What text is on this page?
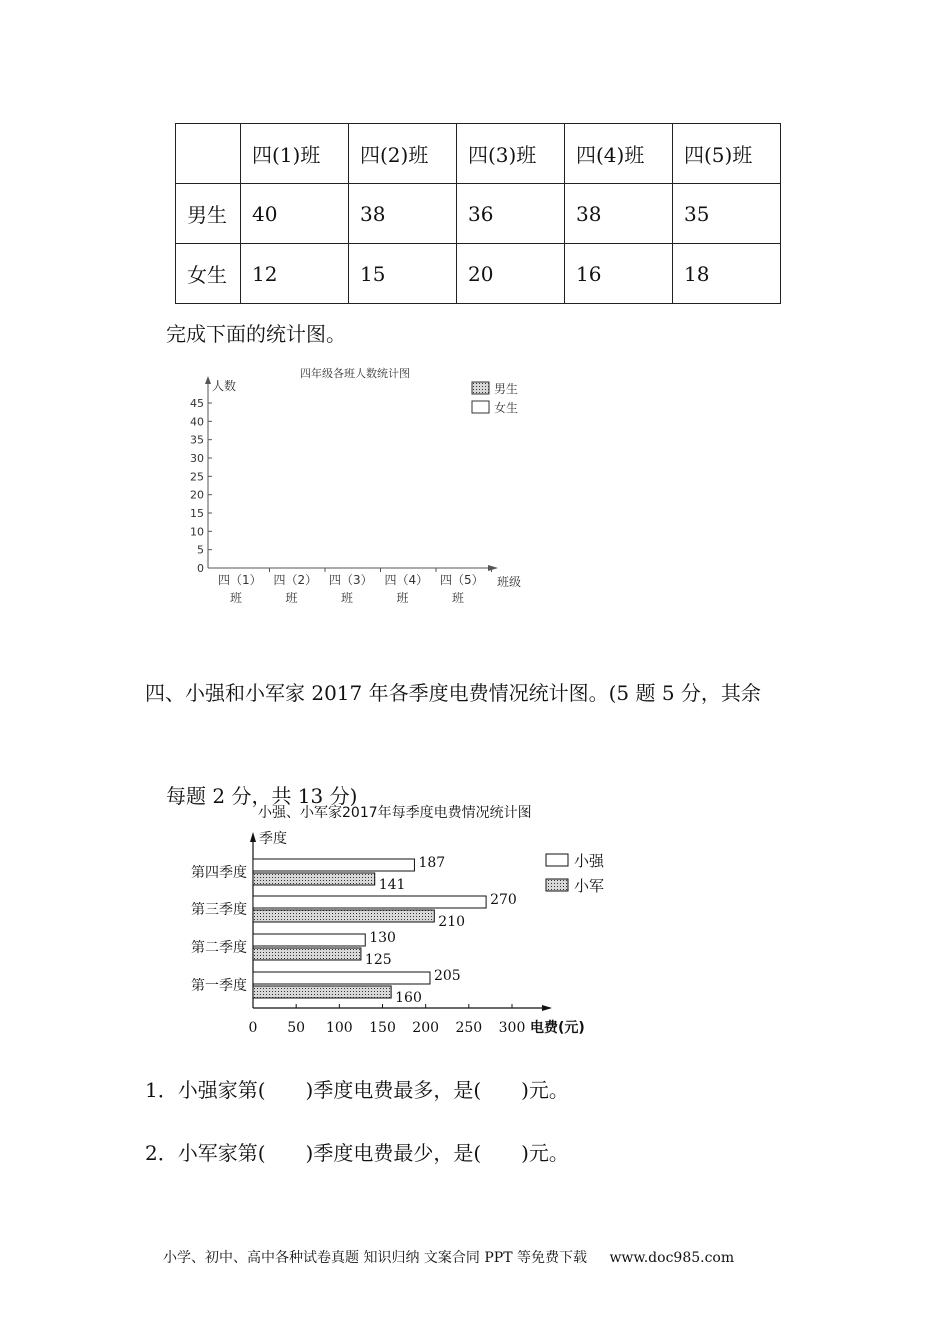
	四(1)班	四(2)班	四(3)班	四(4)班	四(5)班
男生	40	38	36	38	35
女生	12	15	20	16	18
完成下面的统计图。
四年级各班人数统计图
人数
班级
0
5
10
15
20
25
30
35
40
45
四（1）
班
四（2）
班
四（3）
班
四（4）
班
四（5）
班
男生
女生
四、小强和小军家 2017 年各季度电费情况统计图。(5 题 5 分，其余
每题 2 分，共 13 分)
小强、小军家2017年每季度电费情况统计图
季度
电费(元)
0 50 100 150 200 250 300
第四季度
187
141
第三季度
270
210
第二季度
130
125
第一季度
205
160
小强
小军
1．小强家第(　　)季度电费最多，是(　　)元。
2．小军家第(　　)季度电费最少，是(　　)元。
小学、初中、高中各种试卷真题 知识归纳 文案合同 PPT 等免费下载 www.doc985.com
